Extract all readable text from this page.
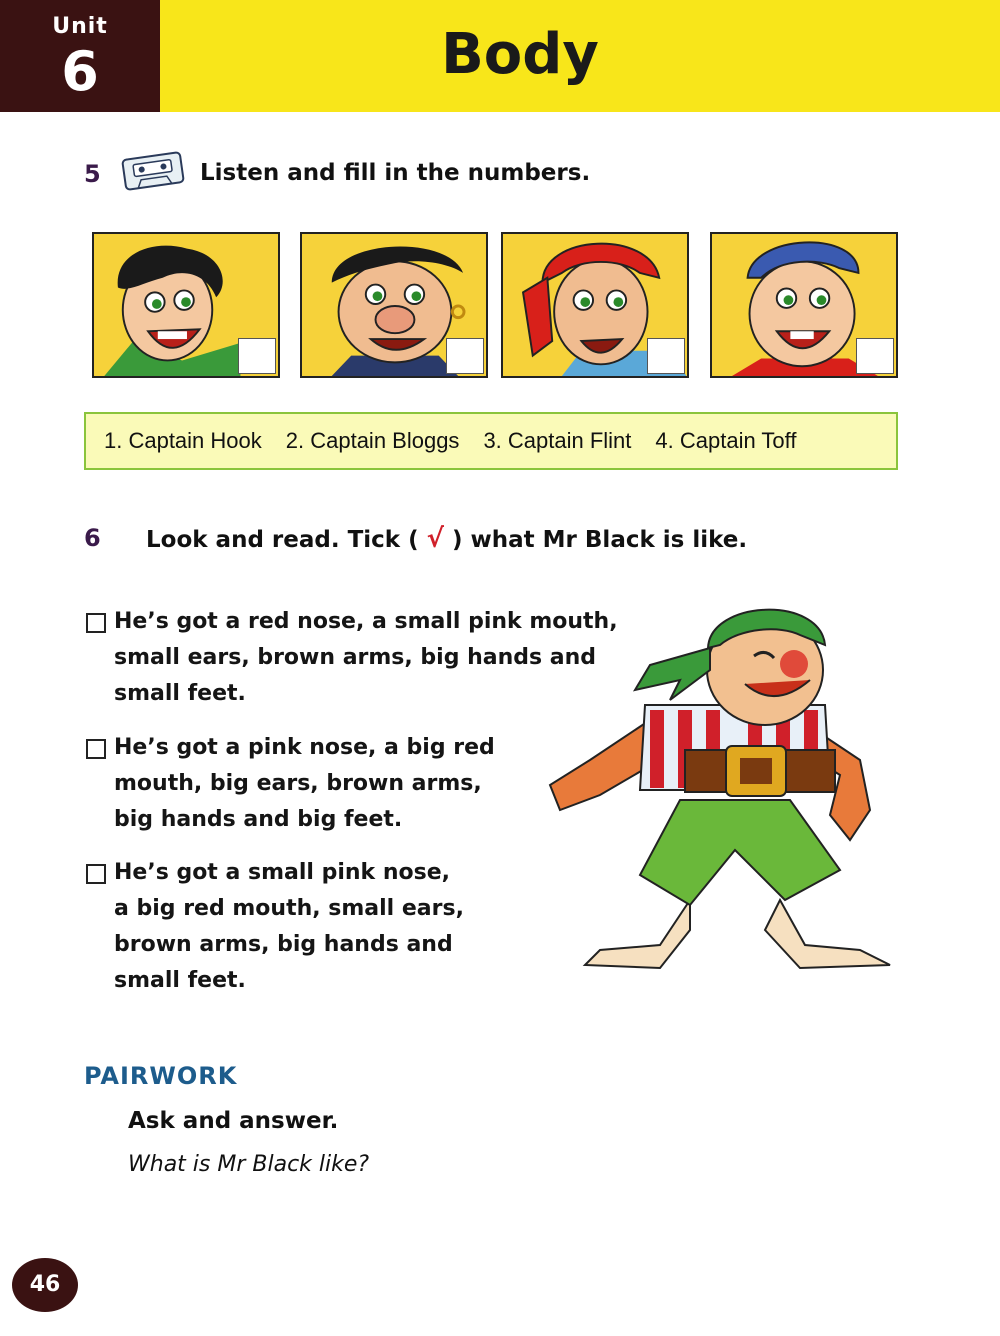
Unit
6	Body
5	Listen and fill in the numbers.
1. Captain Hook 2. Captain Bloggs 3. Captain Flint 4. Captain Toff
6 Look and read. Tick ( √ ) what Mr Black is like.
He’s got a red nose, a small pink mouth,
small ears, brown arms, big hands and
small feet.
He’s got a pink nose, a big red
mouth, big ears, brown arms,
big hands and big feet.
He’s got a small pink nose,
a big red mouth, small ears,
brown arms, big hands and
small feet.
PAIRWORK
Ask and answer.
What is Mr Black like?
46
